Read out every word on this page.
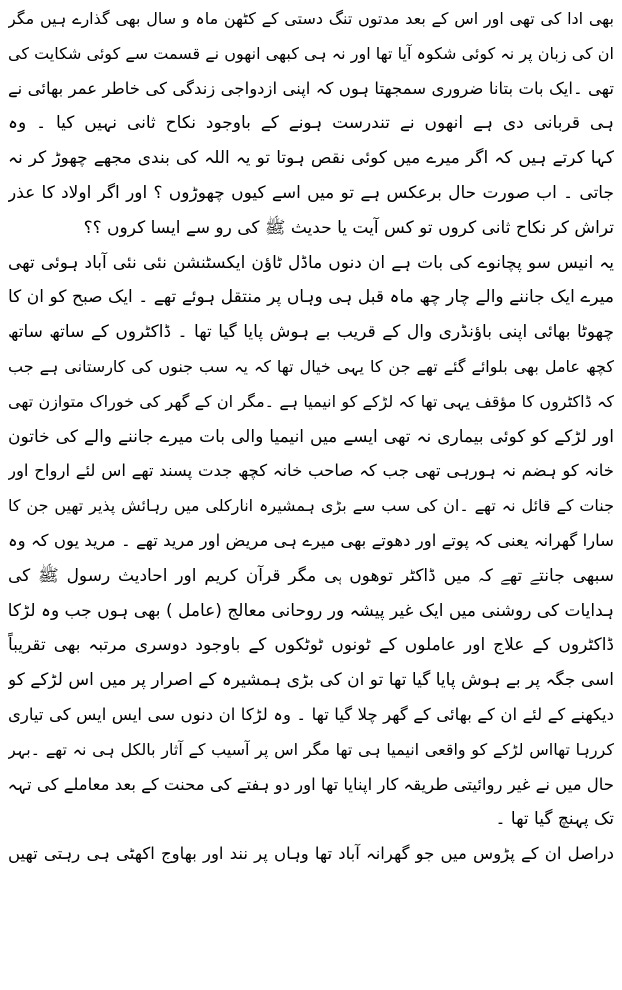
بھی ادا کی تھی اور اس کے بعد مدتوں تنگ دستی کے کٹھن ماہ و سال بھی گذارے ہیں مگر
ان کی زبان پر نہ کوئی شکوہ آیا تھا اور نہ ہی کبھی انھوں نے قسمت سے کوئی شکایت کی
تھی ۔ایک بات بتانا ضروری سمجھتا ہوں کہ اپنی ازدواجی زندگی کی خاطر عمر بھائی نے
ہی قربانی دی ہے انھوں نے تندرست ہونے کے باوجود نکاح ثانی نہیں کیا ۔ وہ
کہا کرتے ہیں کہ اگر میرے میں کوئی نقص ہوتا تو یہ اللہ کی بندی مجھے چھوڑ کر نہ
جاتی ۔ اب صورت حال برعکس ہے تو میں اسے کیوں چھوڑوں ؟ اور اگر اولاد کا عذر
تراش کر نکاح ثانی کروں تو کس آیت یا حدیث ﷺ کی رو سے ایسا کروں ؟؟
یہ انیس سو پچانوے کی بات ہے ان دنوں ماڈل ٹاؤن ایکسٹنشن نئی نئی آباد ہوئی تھی
میرے ایک جاننے والے چار چھ ماہ قبل ہی وہاں پر منتقل ہوئے تھے ۔ ایک صبح کو ان کا
چھوٹا بھائی اپنی باؤنڈری وال کے قریب بے ہوش پایا گیا تھا ۔ ڈاکٹروں کے ساتھ ساتھ
کچھ عامل بھی بلوائے گئے تھے جن کا یہی خیال تھا کہ یہ سب جنوں کی کارستانی ہے جب
کہ ڈاکٹروں کا مؤقف یہی تھا کہ لڑکے کو انیمیا ہے ۔مگر ان کے گھر کی خوراک متوازن تھی
اور لڑکے کو کوئی بیماری نہ تھی ایسے میں انیمیا والی بات میرے جاننے والے کی خاتون
خانہ کو ہضم نہ ہورہی تھی جب کہ صاحب خانہ کچھ جدت پسند تھے اس لئے ارواح اور
جنات کے قائل نہ تھے ۔ان کی سب سے بڑی ہمشیرہ انارکلی میں رہائش پذیر تھیں جن کا
سارا گھرانہ یعنی کہ پوتے اور دھوتے بھی میرے ہی مریض اور مرید تھے ۔ مرید یوں کہ وہ
سبھی جانتے تھے کہ میں ڈاکٹر توهوں ہی مگر قرآن کریم اور احادیث رسول ﷺ کی
ہدایات کی روشنی میں ایک غیر پیشہ ور روحانی معالج (عامل ) بھی ہوں جب وہ لڑکا
ڈاکٹروں کے علاج اور عاملوں کے ٹونوں ٹوٹکوں کے باوجود دوسری مرتبہ بھی تقریباً
اسی جگہ پر بے ہوش پایا گیا تھا تو ان کی بڑی ہمشیرہ کے اصرار پر میں اس لڑکے کو
دیکھنے کے لئے ان کے بھائی کے گھر چلا گیا تھا ۔ وہ لڑکا ان دنوں سی ایس ایس کی تیاری
کررہا تھااس لڑکے کو واقعی انیمیا ہی تھا مگر اس پر آسیب کے آثار بالکل ہی نہ تھے ۔بہر
حال میں نے غیر روائیتی طریقہ کار اپنایا تھا اور دو ہفتے کی محنت کے بعد معاملے کی تہہ
تک پہنچ گیا تھا ۔
دراصل ان کے پڑوس میں جو گھرانہ آباد تھا وہاں پر نند اور بھاوج اکھٹی ہی رہتی تھیں
